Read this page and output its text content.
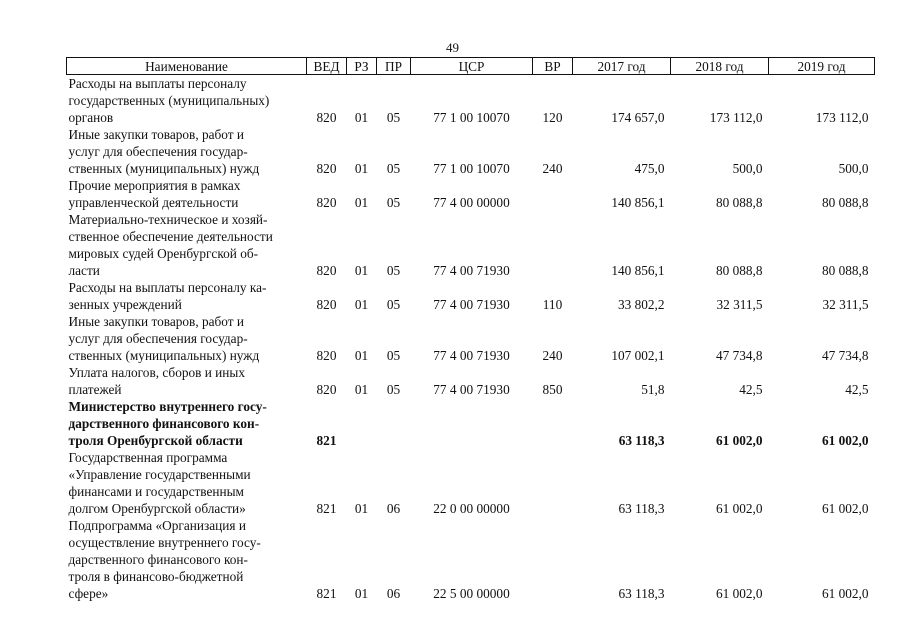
49
Наименование	ВЕД	РЗ	ПР	ЦСР	ВР	2017 год	2018 год	2019 год
Расходы на выплаты персоналу
государственных (муниципальных)
органов	820	01	05	77 1 00 10070	120	174 657,0	173 112,0	173 112,0
Иные закупки товаров, работ и
услуг для обеспечения государ-
ственных (муниципальных) нужд	820	01	05	77 1 00 10070	240	475,0	500,0	500,0
Прочие мероприятия в рамках
управленческой деятельности	820	01	05	77 4 00 00000		140 856,1	80 088,8	80 088,8
Материально-техническое и хозяй-
ственное обеспечение деятельности
мировых судей Оренбургской об-
ласти	820	01	05	77 4 00 71930		140 856,1	80 088,8	80 088,8
Расходы на выплаты персоналу ка-
зенных учреждений	820	01	05	77 4 00 71930	110	33 802,2	32 311,5	32 311,5
Иные закупки товаров, работ и
услуг для обеспечения государ-
ственных (муниципальных) нужд	820	01	05	77 4 00 71930	240	107 002,1	47 734,8	47 734,8
Уплата налогов, сборов и иных
платежей	820	01	05	77 4 00 71930	850	51,8	42,5	42,5
Министерство внутреннего госу-
дарственного финансового кон-
троля Оренбургской области	821					63 118,3	61 002,0	61 002,0
Государственная программа
«Управление государственными
финансами и государственным
долгом Оренбургской области»	821	01	06	22 0 00 00000		63 118,3	61 002,0	61 002,0
Подпрограмма «Организация и
осуществление внутреннего госу-
дарственного финансового кон-
троля в финансово-бюджетной
сфере»	821	01	06	22 5 00 00000		63 118,3	61 002,0	61 002,0
